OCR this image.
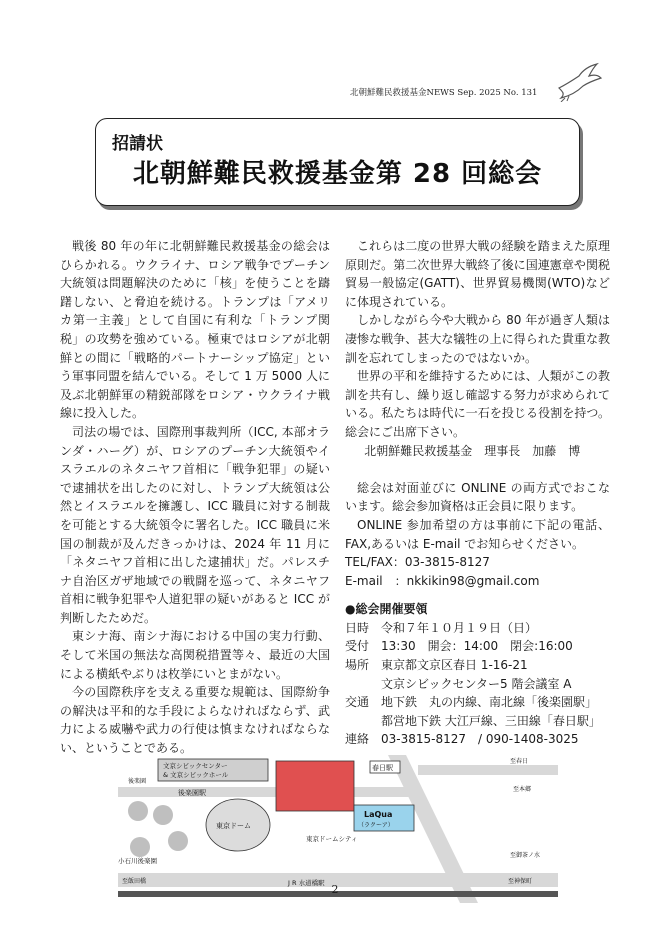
北朝鮮難民救援基金NEWS Sep. 2025 No. 131
招請状
北朝鮮難民救援基金第 28 回総会

戦後 80 年の年に北朝鮮難民救援基金の総会はひらかれる。ウクライナ、ロシア戦争でプーチン大統領は問題解決のために「核」を使うことを躊躇しない、と脅迫を続ける。トランプは「アメリカ第一主義」として自国に有利な「トランプ関税」の攻勢を強めている。極東ではロシアが北朝鮮との間に「戦略的パートナーシップ協定」という軍事同盟を結んでいる。そして 1 万 5000 人に及ぶ北朝鮮軍の精鋭部隊をロシア・ウクライナ戦線に投入した。

司法の場では、国際刑事裁判所（ICC, 本部オランダ・ハーグ）が、ロシアのプーチン大統領やイスラエルのネタニヤフ首相に「戦争犯罪」の疑いで逮捕状を出したのに対し、トランプ大統領は公然とイスラエルを擁護し、ICC 職員に対する制裁を可能とする大統領令に署名した。ICC 職員に米国の制裁が及んだきっかけは、2024 年 11 月に「ネタニヤフ首相に出した逮捕状」だ。パレスチナ自治区ガザ地域での戦闘を巡って、ネタニヤフ首相に戦争犯罪や人道犯罪の疑いがあると ICC が判断したためだ。

東シナ海、南シナ海における中国の実力行動、そして米国の無法な高関税措置等々、最近の大国による横紙やぶりは枚挙にいとまがない。

今の国際秩序を支える重要な規範は、国際紛争の解決は平和的な手段によらなければならず、武力による威嚇や武力の行使は慎まなければならない、ということである。

これらは二度の世界大戦の経験を踏まえた原理原則だ。第二次世界大戦終了後に国連憲章や関税貿易一般協定(GATT)、世界貿易機関(WTO)などに体現されている。

しかしながら今や大戦から 80 年が過ぎ人類は凄惨な戦争、甚大な犠牲の上に得られた貴重な教訓を忘れてしまったのではないか。

世界の平和を維持するためには、人類がこの教訓を共有し、繰り返し確認する努力が求められている。私たちは時代に一石を投じる役割を持つ。総会にご出席下さい。

北朝鮮難民救援基金　理事長　加藤　博

総会は対面並びに ONLINE の両方式でおこないます。総会参加資格は正会員に限ります。

ONLINE 参加希望の方は事前に下記の電話、FAX,あるいは E-mail でお知らせください。

TEL/FAX：03-3815-8127

E-mail　：nkkikin98@gmail.com

●総会開催要領

日時 令和７年１０月１９日（日）
受付 13:30　開会：14:00　閉会:16:00
場所 東京都文京区春日 1-16-21
文京シビックセンター5 階会議室 A
交通 地下鉄　丸の内線、南北線「後楽園駅」
都営地下鉄 大江戸線、三田線「春日駅」
連絡 03-3815-8127　/ 090-1408-3025
文京シビックセンター
& 文京シビックホール
春日駅
後楽園駅
後楽園
小石川後楽園
LaQua
（ラクーア）
東京ドーム
東京ドームシティ
J R 水道橋駅
至春日
至本郷
至飯田橋
至御茶ノ水
至神保町
2
